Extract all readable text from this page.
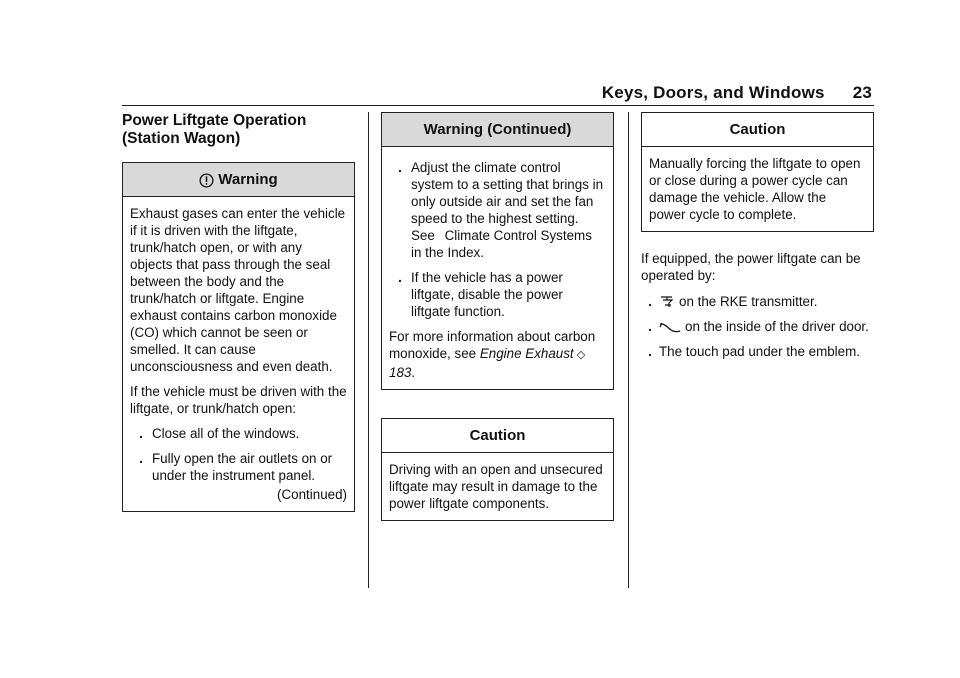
Keys, Doors, and Windows 23
Power Liftgate Operation
(Station Wagon)
Warning

Exhaust gases can enter the vehicle if it is driven with the liftgate, trunk/hatch open, or with any objects that pass through the seal between the body and the trunk/hatch or liftgate. Engine exhaust contains carbon monoxide (CO) which cannot be seen or smelled. It can cause unconsciousness and even death.

If the vehicle must be driven with the liftgate, or trunk/hatch open:

. Close all of the windows.
. Fully open the air outlets on or under the instrument panel.
(Continued)
Warning (Continued)
. Adjust the climate control system to a setting that brings in only outside air and set the fan speed to the highest setting. See Climate Control Systems
in the Index.
. If the vehicle has a power liftgate, disable the power liftgate function.

For more information about carbon monoxide, see Engine Exhaust ◇ 183.

Caution
Driving with an open and unsecured liftgate may result in damage to the power liftgate components.
Caution
Manually forcing the liftgate to open or close during a power cycle can damage the vehicle. Allow the power cycle to complete.

If equipped, the power liftgate can be operated by:

.	on the RKE transmitter.
.	on the inside of the driver door.
. The touch pad under the emblem.
